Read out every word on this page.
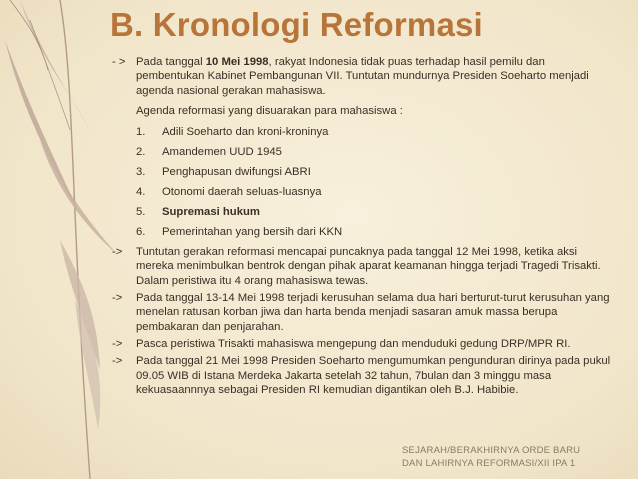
B. Kronologi Reformasi
- > Pada tanggal 10 Mei 1998, rakyat Indonesia tidak puas terhadap hasil pemilu dan pembentukan Kabinet Pembangunan VII. Tuntutan mundurnya Presiden Soeharto menjadi agenda nasional gerakan mahasiswa.

Agenda reformasi yang disuarakan para mahasiswa :

1.	Adili Soeharto dan kroni-kroninya
2.	Amandemen UUD 1945
3.	Penghapusan dwifungsi ABRI
4.	Otonomi daerah seluas-luasnya
5.	Supremasi hukum
6.	Pemerintahan yang bersih dari KKN
->	Tuntutan gerakan reformasi mencapai puncaknya pada tanggal 12 Mei 1998, ketika aksi mereka menimbulkan bentrok dengan pihak aparat keamanan hingga terjadi Tragedi Trisakti. Dalam peristiwa itu 4 orang mahasiswa tewas.

->	Pada tanggal 13-14 Mei 1998 terjadi kerusuhan selama dua hari berturut-turut kerusuhan yang menelan ratusan korban jiwa dan harta benda menjadi sasaran amuk massa berupa pembakaran dan penjarahan.

->	Pasca peristiwa Trisakti mahasiswa mengepung dan menduduki gedung DRP/MPR RI.

->	Pada tanggal 21 Mei 1998 Presiden Soeharto mengumumkan pengunduran dirinya pada pukul 09.05 WIB di Istana Merdeka Jakarta setelah 32 tahun, 7bulan dan 3 minggu masa kekuasaannnya sebagai Presiden RI kemudian digantikan oleh B.J. Habibie.

SEJARAH/BERAKHIRNYA ORDE BARU
DAN LAHIRNYA REFORMASI/XII IPA 1
